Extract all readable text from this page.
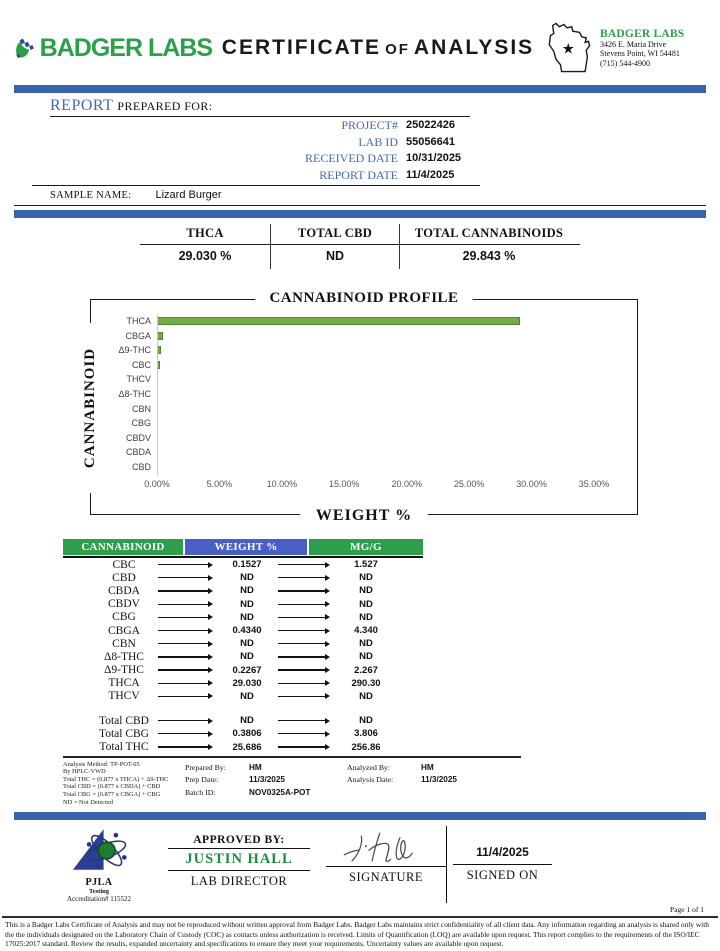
BADGER LABS CERTIFICATE OF ANALYSIS	★
BADGER LABS
3426 E. Maria Drive
Stevens Point, WI 54481
(715) 544-4900
REPORT PREPARED FOR:
PROJECT# 25022426
LAB ID 55056641
RECEIVED DATE 10/31/2025
REPORT DATE 11/4/2025
SAMPLE NAME: Lizard Burger
THCA	TOTAL CBD	TOTAL CANNABINOIDS
29.030 %	ND	29.843 %
CANNABINOID PROFILE
CANNABINOID
THCA
CBGA
Δ9-THC
CBC
THCV
Δ8-THC
CBN
CBG
CBDV
CBDA
CBD
0.00%	5.00%	10.00%	15.00%	20.00%	25.00%	30.00%	35.00%
WEIGHT %
CANNABINOID	WEIGHT %	MG/G
CBC	0.1527	1.527
CBD	ND	ND
CBDA	ND	ND
CBDV	ND	ND
CBG	ND	ND
CBGA	0.4340	4.340
CBN	ND	ND
Δ8-THC	ND	ND
Δ9-THC	0.2267	2.267
THCA	29.030	290.30
THCV	ND	ND
Total CBD	ND	ND
Total CBG	0.3806	3.806
Total THC	25.686	256.86
Analysis Method: TP-POT-05
By HPLC-VWD
Total THC = (0.877 x THCA) + Δ9-THC
Total CBD = (0.877 x CBDA) + CBD
Total CBG = (0.877 x CBGA) + CBG
ND = Not Detected
Prepared By:	HM
Prep Date:	11/3/2025
Batch ID:	NOV0325A-POT
Analyzed By:	HM
Analysis Date:	11/3/2025
PJLA
Testing
Accreditation# 115522
APPROVED BY:
JUSTIN HALL
LAB DIRECTOR	SIGNATURE
11/4/2025
SIGNED ON
Page 1 of 1
This is a Badger Labs Certificate of Analysis and may not be reproduced without written approval from Badger Labs. Badger Labs maintains strict confidentiality of all client data. Any information regarding an analysis is shared only with the the individuals designated on the Laboratory Chain of Custody (COC) as contacts unless authorization is received. Limits of Quantification (LOQ) are available upon request. This report complies to the requirements of the ISO/IEC 17025:2017 standard. Review the results, expanded uncertainty and specifications to ensure they meet your requirements. Uncertainty values are available upon request.
